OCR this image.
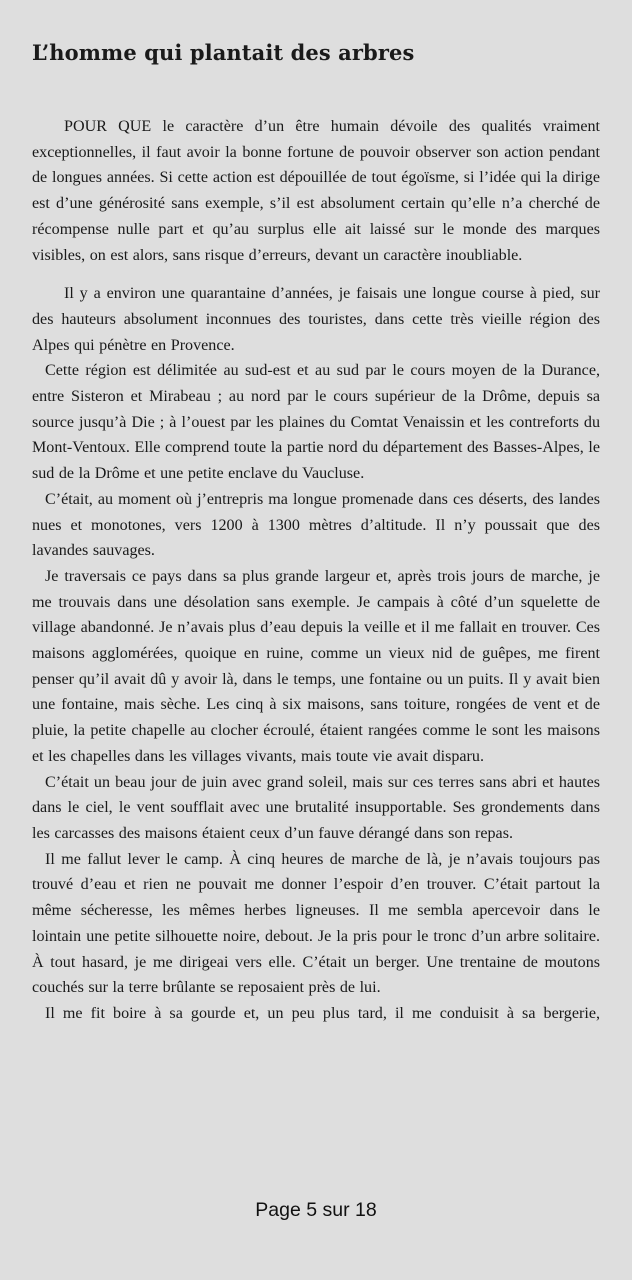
L’homme qui plantait des arbres

POUR QUE le caractère d’un être humain dévoile des qualités vraiment exceptionnelles, il faut avoir la bonne fortune de pouvoir observer son action pendant de longues années. Si cette action est dépouillée de tout égoïsme, si l’idée qui la dirige est d’une générosité sans exemple, s’il est absolument certain qu’elle n’a cherché de récompense nulle part et qu’au surplus elle ait laissé sur le monde des marques visibles, on est alors, sans risque d’erreurs, devant un caractère inoubliable.

Il y a environ une quarantaine d’années, je faisais une longue course à pied, sur des hauteurs absolument inconnues des touristes, dans cette très vieille région des Alpes qui pénètre en Provence.

Cette région est délimitée au sud-est et au sud par le cours moyen de la Durance, entre Sisteron et Mirabeau ; au nord par le cours supérieur de la Drôme, depuis sa source jusqu’à Die ; à l’ouest par les plaines du Comtat Venaissin et les contreforts du Mont-Ventoux. Elle comprend toute la partie nord du département des Basses-Alpes, le sud de la Drôme et une petite enclave du Vaucluse.

C’était, au moment où j’entrepris ma longue promenade dans ces déserts, des landes nues et monotones, vers 1200 à 1300 mètres d’altitude. Il n’y poussait que des lavandes sauvages.

Je traversais ce pays dans sa plus grande largeur et, après trois jours de marche, je me trouvais dans une désolation sans exemple. Je campais à côté d’un squelette de village abandonné. Je n’avais plus d’eau depuis la veille et il me fallait en trouver. Ces maisons agglomérées, quoique en ruine, comme un vieux nid de guêpes, me firent penser qu’il avait dû y avoir là, dans le temps, une fontaine ou un puits. Il y avait bien une fontaine, mais sèche. Les cinq à six maisons, sans toiture, rongées de vent et de pluie, la petite chapelle au clocher écroulé, étaient rangées comme le sont les maisons et les chapelles dans les villages vivants, mais toute vie avait disparu.

C’était un beau jour de juin avec grand soleil, mais sur ces terres sans abri et hautes dans le ciel, le vent soufflait avec une brutalité insupportable. Ses grondements dans les carcasses des maisons étaient ceux d’un fauve dérangé dans son repas.

Il me fallut lever le camp. À cinq heures de marche de là, je n’avais toujours pas trouvé d’eau et rien ne pouvait me donner l’espoir d’en trouver. C’était partout la même sécheresse, les mêmes herbes ligneuses. Il me sembla apercevoir dans le lointain une petite silhouette noire, debout. Je la pris pour le tronc d’un arbre solitaire. À tout hasard, je me dirigeai vers elle. C’était un berger. Une trentaine de moutons couchés sur la terre brûlante se reposaient près de lui.

Il me fit boire à sa gourde et, un peu plus tard, il me conduisit à sa bergerie,

Page 5 sur 18
